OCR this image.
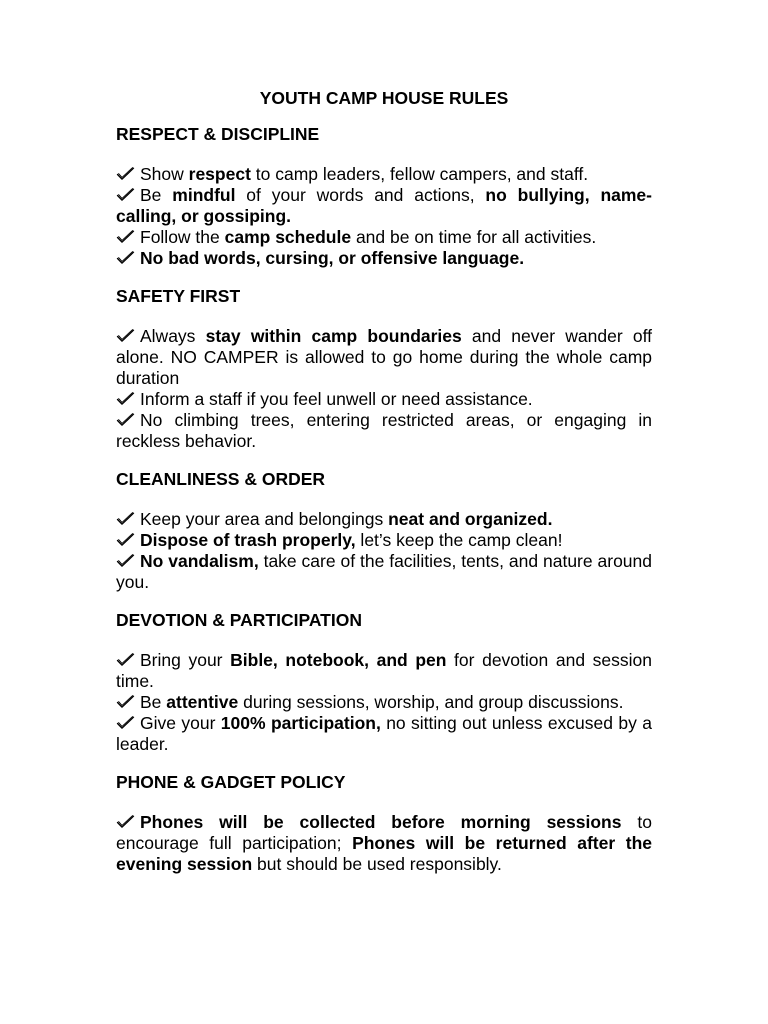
YOUTH CAMP HOUSE RULES
RESPECT & DISCIPLINE

Show respect to camp leaders, fellow campers, and staff.

Be mindful of your words and actions, no bullying, name-calling, or gossiping.

Follow the camp schedule and be on time for all activities.

No bad words, cursing, or offensive language.

SAFETY FIRST

Always stay within camp boundaries and never wander off alone. NO CAMPER is allowed to go home during the whole camp duration

Inform a staff if you feel unwell or need assistance.

No climbing trees, entering restricted areas, or engaging in reckless behavior.

CLEANLINESS & ORDER

Keep your area and belongings neat and organized.

Dispose of trash properly, let’s keep the camp clean!

No vandalism, take care of the facilities, tents, and nature around you.

DEVOTION & PARTICIPATION

Bring your Bible, notebook, and pen for devotion and session time.

Be attentive during sessions, worship, and group discussions.

Give your 100% participation, no sitting out unless excused by a leader.

PHONE & GADGET POLICY

Phones will be collected before morning sessions to encourage full participation; Phones will be returned after the evening session but should be used responsibly.
